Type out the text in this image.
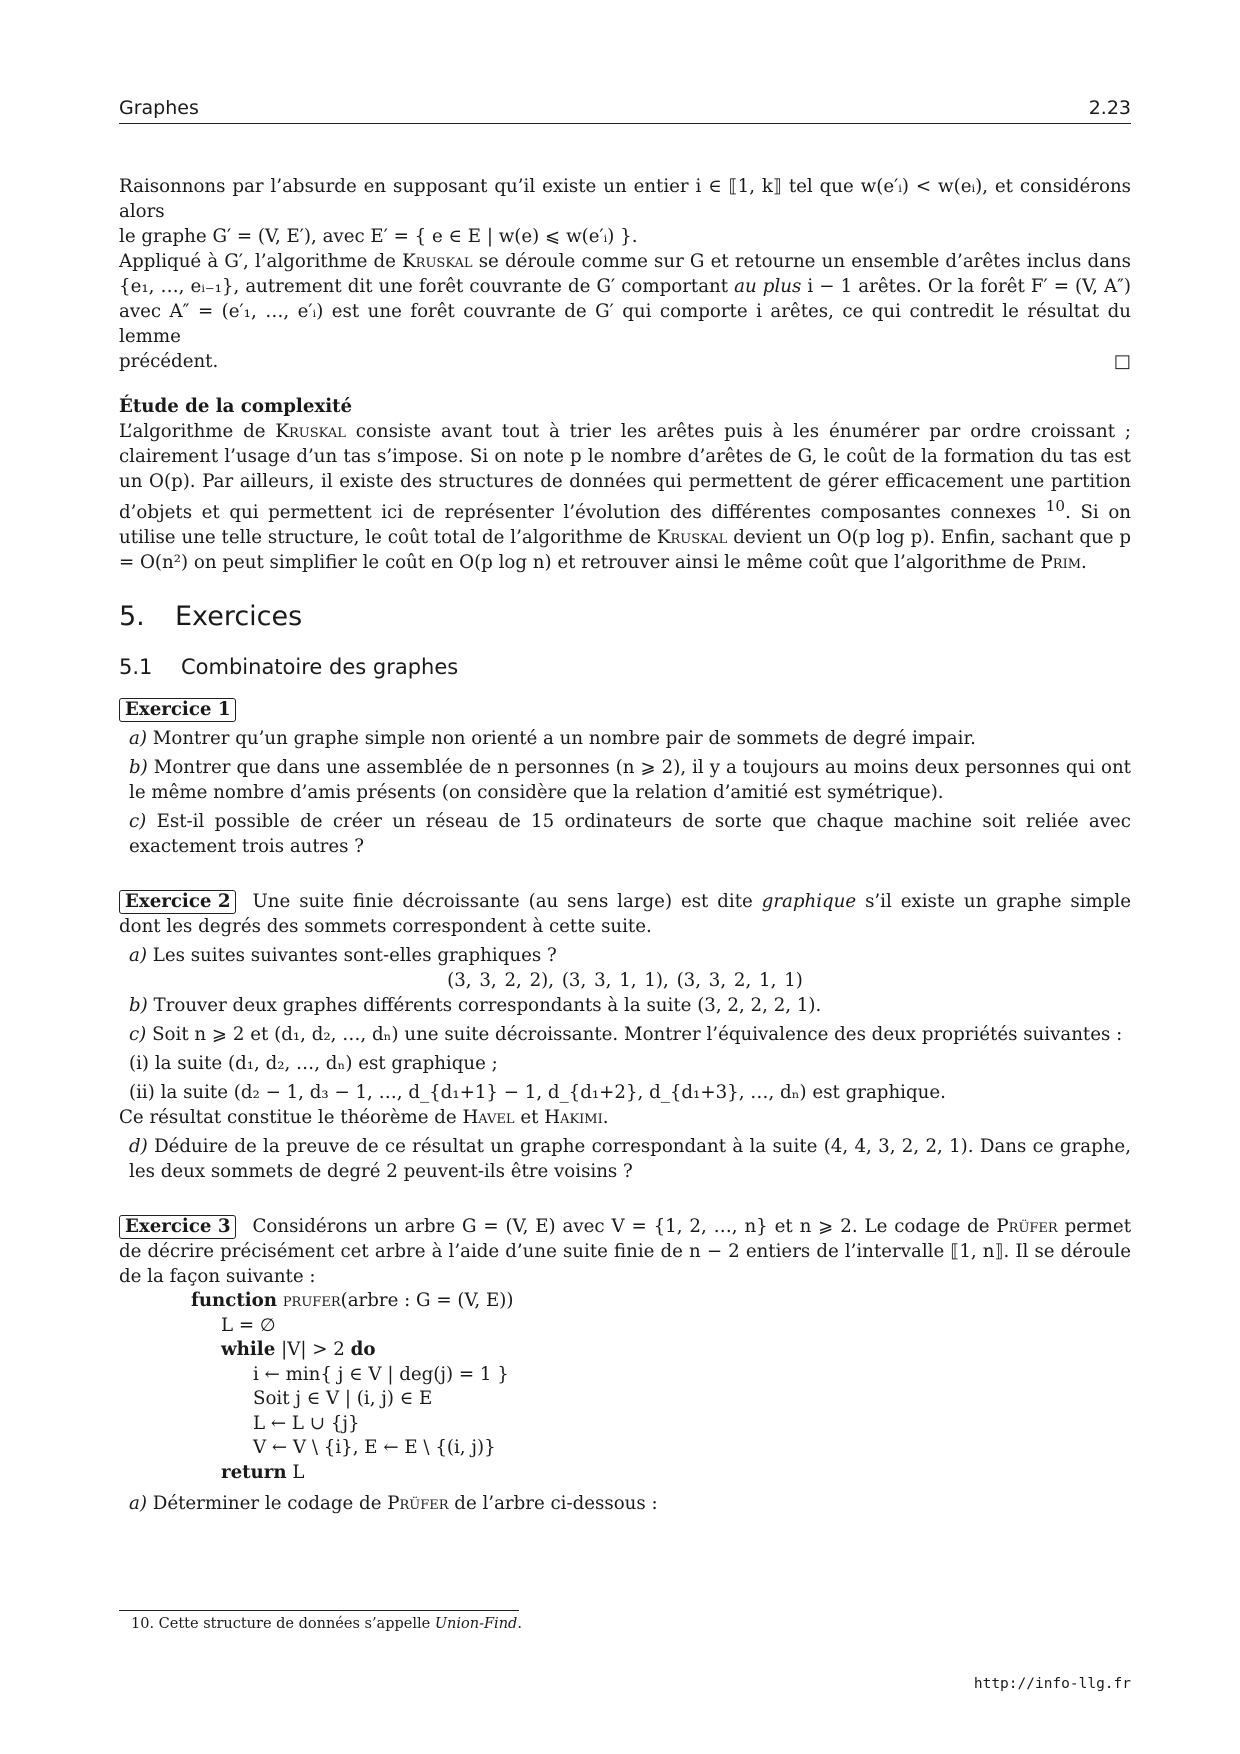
Graphes	2.23

Raisonnons par l’absurde en supposant qu’il existe un entier i ∈ ⟦1, k⟧ tel que w(e′ᵢ) < w(eᵢ), et considérons alors
le graphe G′ = (V, E′), avec E′ = { e ∈ E | w(e) ⩽ w(e′ᵢ) }.

Appliqué à G′, l’algorithme de Kruskal se déroule comme sur G et retourne un ensemble d’arêtes inclus dans {e₁, …, eᵢ₋₁}, autrement dit une forêt couvrante de G′ comportant au plus i − 1 arêtes. Or la forêt F′ = (V, A″) avec A″ = (e′₁, …, e′ᵢ) est une forêt couvrante de G′ qui comporte i arêtes, ce qui contredit le résultat du lemme

précédent.	□

Étude de la complexité

L’algorithme de Kruskal consiste avant tout à trier les arêtes puis à les énumérer par ordre croissant ; clairement l’usage d’un tas s’impose. Si on note p le nombre d’arêtes de G, le coût de la formation du tas est un O(p). Par ailleurs, il existe des structures de données qui permettent de gérer efficacement une partition d’objets et qui permettent ici de représenter l’évolution des différentes composantes connexes $^{10}$. Si on utilise une telle structure, le coût total de l’algorithme de Kruskal devient un O(p log p). Enfin, sachant que p = O(n²) on peut simplifier le coût en O(p log n) et retrouver ainsi le même coût que l’algorithme de Prim.

5. Exercices
5.1 Combinatoire des graphes

Exercice 1

a) Montrer qu’un graphe simple non orienté a un nombre pair de sommets de degré impair.

b) Montrer que dans une assemblée de n personnes (n ⩾ 2), il y a toujours au moins deux personnes qui ont le même nombre d’amis présents (on considère que la relation d’amitié est symétrique).

c) Est-il possible de créer un réseau de 15 ordinateurs de sorte que chaque machine soit reliée avec exactement trois autres ?

Exercice 2 Une suite finie décroissante (au sens large) est dite graphique s’il existe un graphe simple dont les degrés des sommets correspondent à cette suite.

a) Les suites suivantes sont-elles graphiques ?

(3, 3, 2, 2), (3, 3, 1, 1), (3, 3, 2, 1, 1)

b) Trouver deux graphes différents correspondants à la suite (3, 2, 2, 2, 1).

c) Soit n ⩾ 2 et (d₁, d₂, …, dₙ) une suite décroissante. Montrer l’équivalence des deux propriétés suivantes :

(i) la suite (d₁, d₂, …, dₙ) est graphique ;

(ii) la suite (d₂ − 1, d₃ − 1, …, d_{d₁+1} − 1, d_{d₁+2}, d_{d₁+3}, …, dₙ) est graphique.

Ce résultat constitue le théorème de Havel et Hakimi.

d) Déduire de la preuve de ce résultat un graphe correspondant à la suite (4, 4, 3, 2, 2, 1). Dans ce graphe, les deux sommets de degré 2 peuvent-ils être voisins ?

Exercice 3 Considérons un arbre G = (V, E) avec V = {1, 2, …, n} et n ⩾ 2. Le codage de Prüfer permet de décrire précisément cet arbre à l’aide d’une suite finie de n − 2 entiers de l’intervalle ⟦1, n⟧. Il se déroule de la façon suivante :

function prufer(arbre : G = (V, E))
L = ∅
while |V| > 2 do
i ← min{ j ∈ V | deg(j) = 1 }
Soit j ∈ V | (i, j) ∈ E
L ← L ∪ {j}
V ← V \ {i}, E ← E \ {(i, j)}
return L

a) Déterminer le codage de Prüfer de l’arbre ci-dessous :

10. Cette structure de données s’appelle Union-Find.
http://info-llg.fr
